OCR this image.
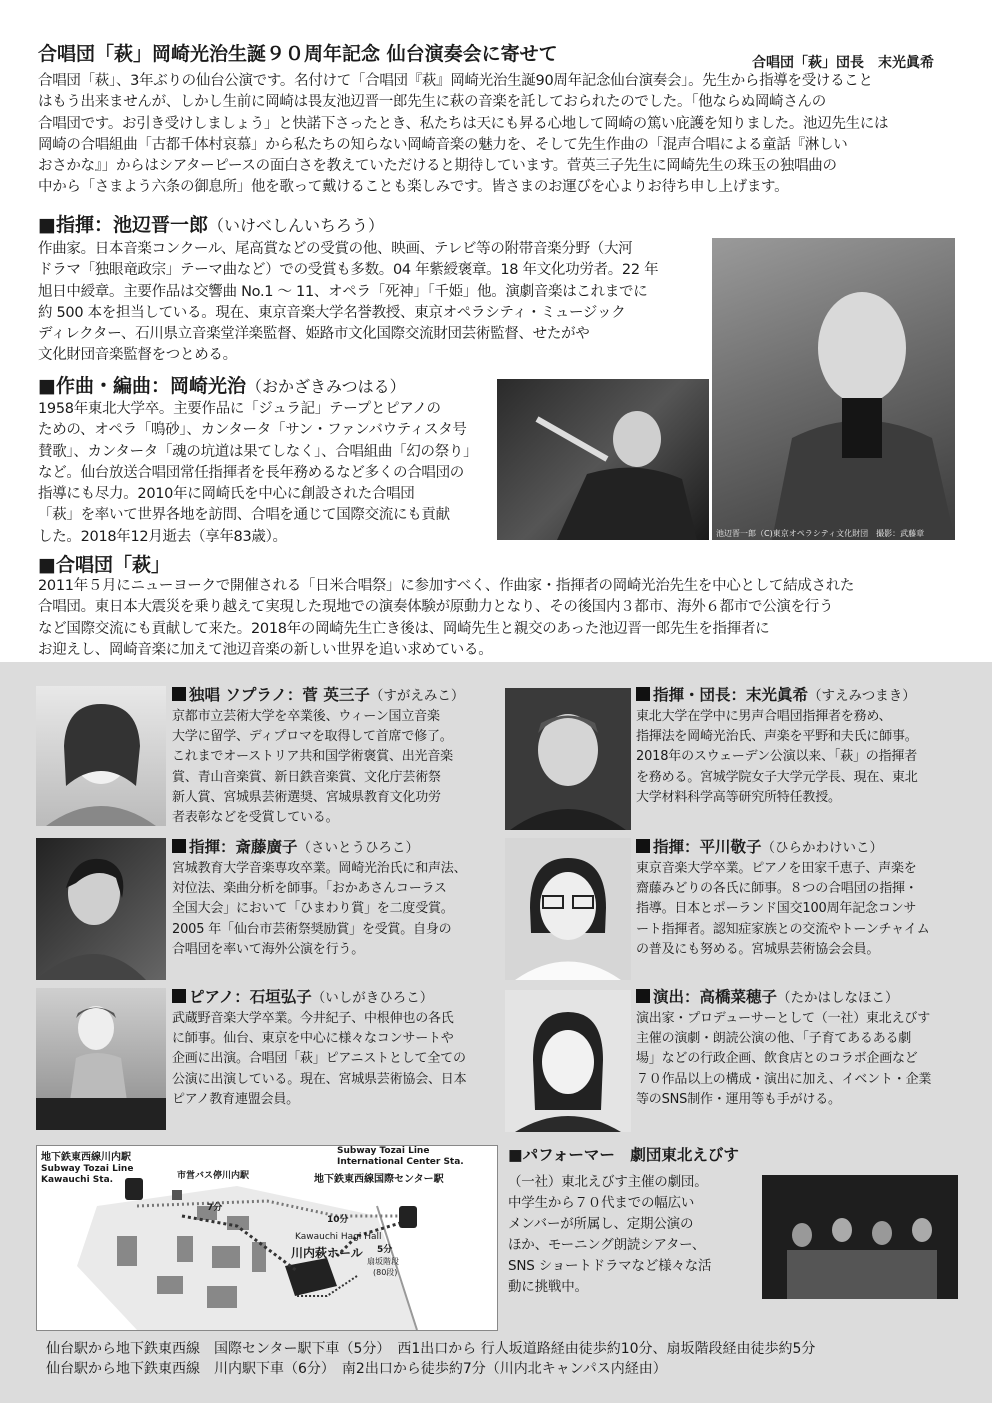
合唱団「萩」岡崎光治生誕９０周年記念 仙台演奏会に寄せて	合唱団「萩」団長　末光眞希
合唱団「萩」、3年ぶりの仙台公演です。名付けて「合唱団『萩』岡崎光治生誕90周年記念仙台演奏会」。先生から指導を受けること
はもう出来ませんが、しかし生前に岡崎は畏友池辺晋一郎先生に萩の音楽を託しておられたのでした。「他ならぬ岡崎さんの
合唱団です。お引き受けしましょう」と快諾下さったとき、私たちは天にも昇る心地して岡崎の篤い庇護を知りました。池辺先生には
岡崎の合唱組曲「古都千体村哀慕」から私たちの知らない岡崎音楽の魅力を、そして先生作曲の「混声合唱による童話『淋しい
おさかな』」からはシアターピースの面白さを教えていただけると期待しています。菅英三子先生に岡崎先生の珠玉の独唱曲の
中から「さまよう六条の御息所」他を歌って戴けることも楽しみです。皆さまのお運びを心よりお待ち申し上げます。
■指揮：池辺晋一郎（いけべしんいちろう）
作曲家。日本音楽コンクール、尾高賞などの受賞の他、映画、テレビ等の附帯音楽分野（大河
ドラマ「独眼竜政宗」テーマ曲など）での受賞も多数。04 年紫綬褒章。18 年文化功労者。22 年
旭日中綬章。主要作品は交響曲 No.1 ～ 11、オペラ「死神」「千姫」他。演劇音楽はこれまでに
約 500 本を担当している。現在、東京音楽大学名誉教授、東京オペラシティ・ミュージック
ディレクター、石川県立音楽堂洋楽監督、姫路市文化国際交流財団芸術監督、せたがや
文化財団音楽監督をつとめる。
池辺晋一郎（C)東京オペラシティ文化財団　撮影：武藤章
■作曲・編曲：岡崎光治（おかざきみつはる）
1958年東北大学卒。主要作品に「ジュラ記」テープとピアノの
ための、オペラ「鳴砂」、カンタータ「サン・ファンバウティスタ号
賛歌」、カンタータ「魂の坑道は果てしなく」、合唱組曲「幻の祭り」
など。仙台放送合唱団常任指揮者を長年務めるなど多くの合唱団の
指導にも尽力。2010年に岡崎氏を中心に創設された合唱団
「萩」を率いて世界各地を訪問、合唱を通じて国際交流にも貢献
した。2018年12月逝去（享年83歳）。
■合唱団「萩」
2011年５月にニューヨークで開催される「日米合唱祭」に参加すべく、作曲家・指揮者の岡崎光治先生を中心として結成された
合唱団。東日本大震災を乗り越えて実現した現地での演奏体験が原動力となり、その後国内３都市、海外６都市で公演を行う
など国際交流にも貢献して来た。2018年の岡崎先生亡き後は、岡崎先生と親交のあった池辺晋一郎先生を指揮者に
お迎えし、岡崎音楽に加えて池辺音楽の新しい世界を追い求めている。
独唱 ソプラノ：菅 英三子（すがえみこ）
京都市立芸術大学を卒業後、ウィーン国立音楽
大学に留学、ディプロマを取得して首席で修了。
これまでオーストリア共和国学術褒賞、出光音楽
賞、青山音楽賞、新日鉄音楽賞、文化庁芸術祭
新人賞、宮城県芸術選奨、宮城県教育文化功労
者表彰などを受賞している。
指揮・団長：末光眞希（すえみつまき）
東北大学在学中に男声合唱団指揮者を務め、
指揮法を岡崎光治氏、声楽を平野和夫氏に師事。
2018年のスウェーデン公演以来、「萩」の指揮者
を務める。宮城学院女子大学元学長、現在、東北
大学材料科学高等研究所特任教授。
指揮：斎藤廣子（さいとうひろこ）
宮城教育大学音楽専攻卒業。岡崎光治氏に和声法、
対位法、楽曲分析を師事。「おかあさんコーラス
全国大会」において「ひまわり賞」を二度受賞。
2005 年「仙台市芸術祭奨励賞」を受賞。自身の
合唱団を率いて海外公演を行う。
指揮：平川敬子（ひらかわけいこ）
東京音楽大学卒業。ピアノを田家千恵子、声楽を
齋藤みどりの各氏に師事。８つの合唱団の指揮・
指導。日本とポーランド国交100周年記念コンサ
ート指揮者。認知症家族との交流やトーンチャイム
の普及にも努める。宮城県芸術協会会員。
ピアノ：石垣弘子（いしがきひろこ）
武蔵野音楽大学卒業。今井紀子、中根伸也の各氏
に師事。仙台、東京を中心に様々なコンサートや
企画に出演。合唱団「萩」ピアニストとして全ての
公演に出演している。現在、宮城県芸術協会、日本
ピアノ教育連盟会員。
演出：高橋菜穂子（たかはしなほこ）
演出家・プロデューサーとして（一社）東北えびす
主催の演劇・朗読公演の他、「子育てあるある劇
場」などの行政企画、飲食店とのコラボ企画など
７０作品以上の構成・演出に加え、イベント・企業
等のSNS制作・運用等も手がける。
■パフォーマー　劇団東北えびす
（一社）東北えびす主催の劇団。
中学生から７０代までの幅広い
メンバーが所属し、定期公演の
ほか、モーニング朗読シアター、
SNS ショートドラマなど様々な活
動に挑戦中。
地下鉄東西線川内駅
Subway Tozai Line
Kawauchi Sta.	市営バス停川内駅
Subway Tozai Line
International Center Sta.
地下鉄東西線国際センター駅
Kawauchi Hagi Hall
川内萩ホール
7分
10分
5分
扇坂階段
(80段)
仙台駅から地下鉄東西線　国際センター駅下車（5分）　西1出口から 行人坂道路経由徒歩約10分、扇坂階段経由徒歩約5分
仙台駅から地下鉄東西線　川内駅下車（6分）　南2出口から徒歩約7分（川内北キャンパス内経由）
